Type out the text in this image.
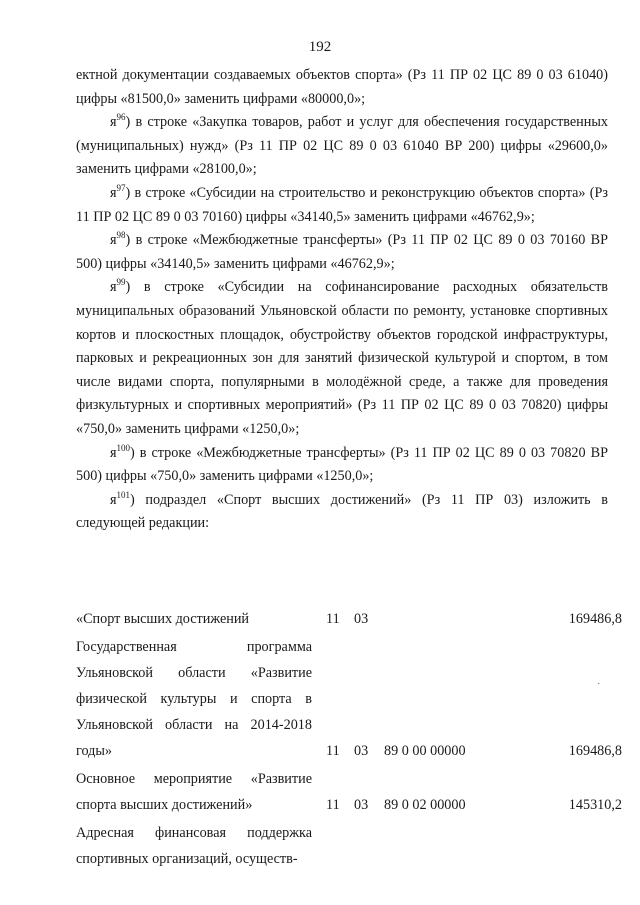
192

ектной документации создаваемых объектов спорта» (Рз 11 ПР 02 ЦС 89 0 03 61040) цифры «81500,0» заменить цифрами «80000,0»;

$я^{96}$) в строке «Закупка товаров, работ и услуг для обеспечения государственных (муниципальных) нужд» (Рз 11 ПР 02 ЦС 89 0 03 61040 ВР 200) цифры «29600,0» заменить цифрами «28100,0»;

$я^{97}$) в строке «Субсидии на строительство и реконструкцию объектов спорта» (Рз 11 ПР 02 ЦС 89 0 03 70160) цифры «34140,5» заменить цифрами «46762,9»;

$я^{98}$) в строке «Межбюджетные трансферты» (Рз 11 ПР 02 ЦС 89 0 03 70160 ВР 500) цифры «34140,5» заменить цифрами «46762,9»;

$я^{99}$) в строке «Субсидии на софинансирование расходных обязательств муниципальных образований Ульяновской области по ремонту, установке спортивных кортов и плоскостных площадок, обустройству объектов городской инфраструктуры, парковых и рекреационных зон для занятий физической культурой и спортом, в том числе видами спорта, популярными в молодёжной среде, а также для проведения физкультурных и спортивных мероприятий» (Рз 11 ПР 02 ЦС 89 0 03 70820) цифры «750,0» заменить цифрами «1250,0»;

$я^{100}$) в строке «Межбюджетные трансферты» (Рз 11 ПР 02 ЦС 89 0 03 70820 ВР 500) цифры «750,0» заменить цифрами «1250,0»;

$я^{101}$) подраздел «Спорт высших достижений» (Рз 11 ПР 03) изложить в следующей редакции:

«Спорт высших достижений	11 03	169486,8
Государственная программа Ульяновской области «Развитие физической культуры и спорта в Ульяновской области на 2014-2018 годы»	11 03 89 0 00 00000	169486,8
Основное мероприятие «Развитие спорта высших достижений»	11 03 89 0 02 00000	145310,2
Адресная финансовая поддержка спортивных организаций, осуществ-
·
